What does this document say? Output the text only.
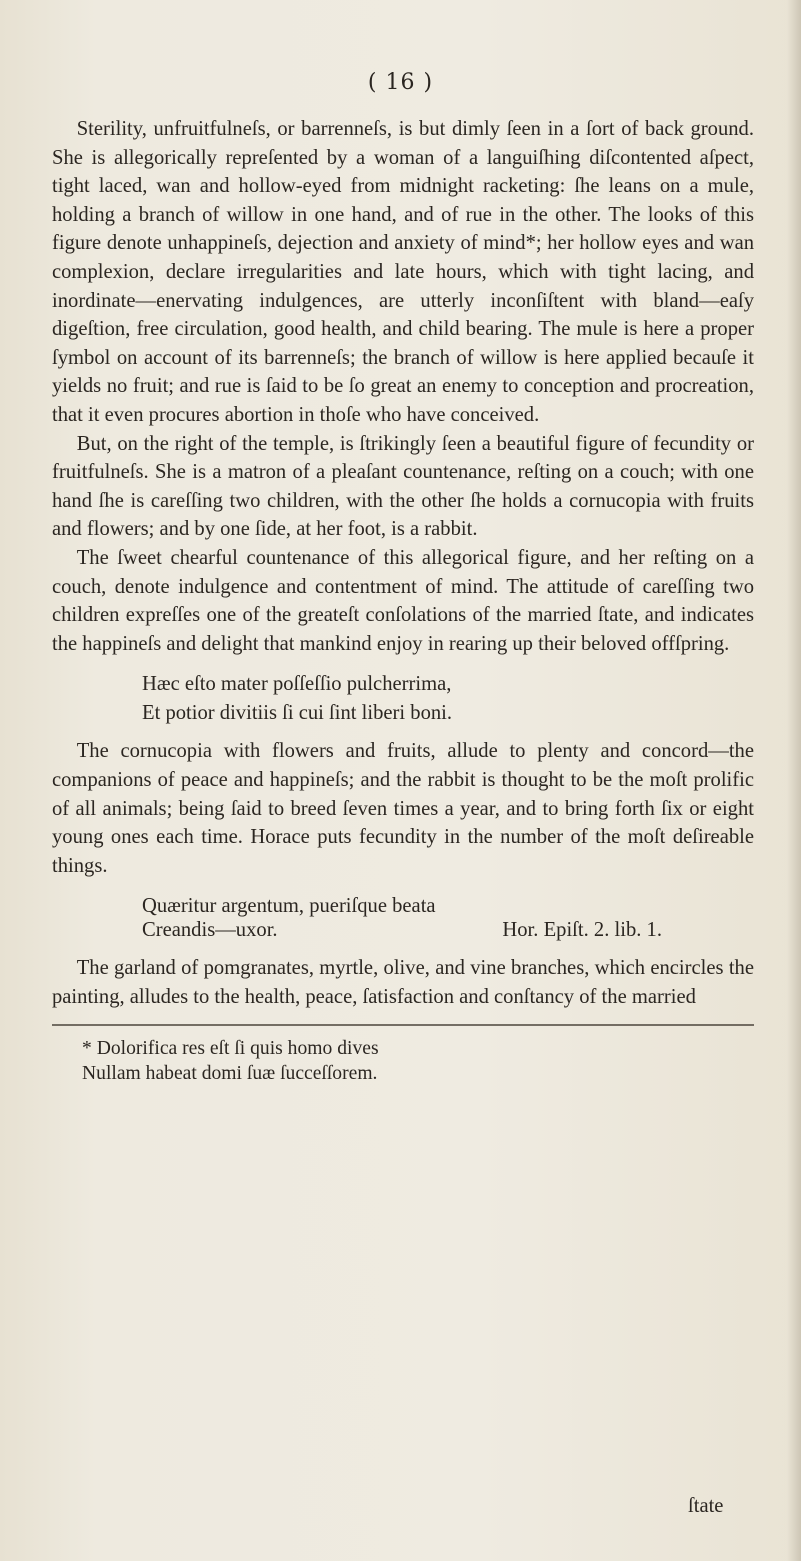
( 16 )

Sterility, unfruitfulneſs, or barrenneſs, is but dimly ſeen in a ſort of back ground. She is allegorically repreſented by a woman of a languiſhing diſcontented aſpect, tight laced, wan and hollow-eyed from midnight racketing: ſhe leans on a mule, holding a branch of willow in one hand, and of rue in the other. The looks of this figure denote unhappineſs, dejection and anxiety of mind*; her hollow eyes and wan complexion, declare irregularities and late hours, which with tight lacing, and inordinate—enervating indulgences, are utterly inconſiſtent with bland—eaſy digeſtion, free circulation, good health, and child bearing. The mule is here a proper ſymbol on account of its barrenneſs; the branch of willow is here applied becauſe it yields no fruit; and rue is ſaid to be ſo great an enemy to conception and procreation, that it even procures abortion in thoſe who have conceived.

But, on the right of the temple, is ſtrikingly ſeen a beautiful figure of fecundity or fruitfulneſs. She is a matron of a pleaſant countenance, reſting on a couch; with one hand ſhe is careſſing two children, with the other ſhe holds a cornucopia with fruits and flowers; and by one ſide, at her foot, is a rabbit.

The ſweet chearful countenance of this allegorical figure, and her reſting on a couch, denote indulgence and contentment of mind. The attitude of careſſing two children expreſſes one of the greateſt conſolations of the married ſtate, and indicates the happineſs and delight that mankind enjoy in rearing up their beloved offſpring.

Hæc eſto mater poſſeſſio pulcherrima,
Et potior divitiis ſi cui ſint liberi boni.

The cornucopia with flowers and fruits, allude to plenty and concord—the companions of peace and happineſs; and the rabbit is thought to be the moſt prolific of all animals; being ſaid to breed ſeven times a year, and to bring forth ſix or eight young ones each time. Horace puts fecundity in the number of the moſt deſireable things.

Quæritur argentum, pueriſque beata
Creandis—uxor.	Hor. Epiſt. 2. lib. 1.

The garland of pomgranates, myrtle, olive, and vine branches, which encircles the painting, alludes to the health, peace, ſatisfaction and conſtancy of the married

* Dolorifica res eſt ſi quis homo dives
Nullam habeat domi ſuæ ſucceſſorem.
ſtate
